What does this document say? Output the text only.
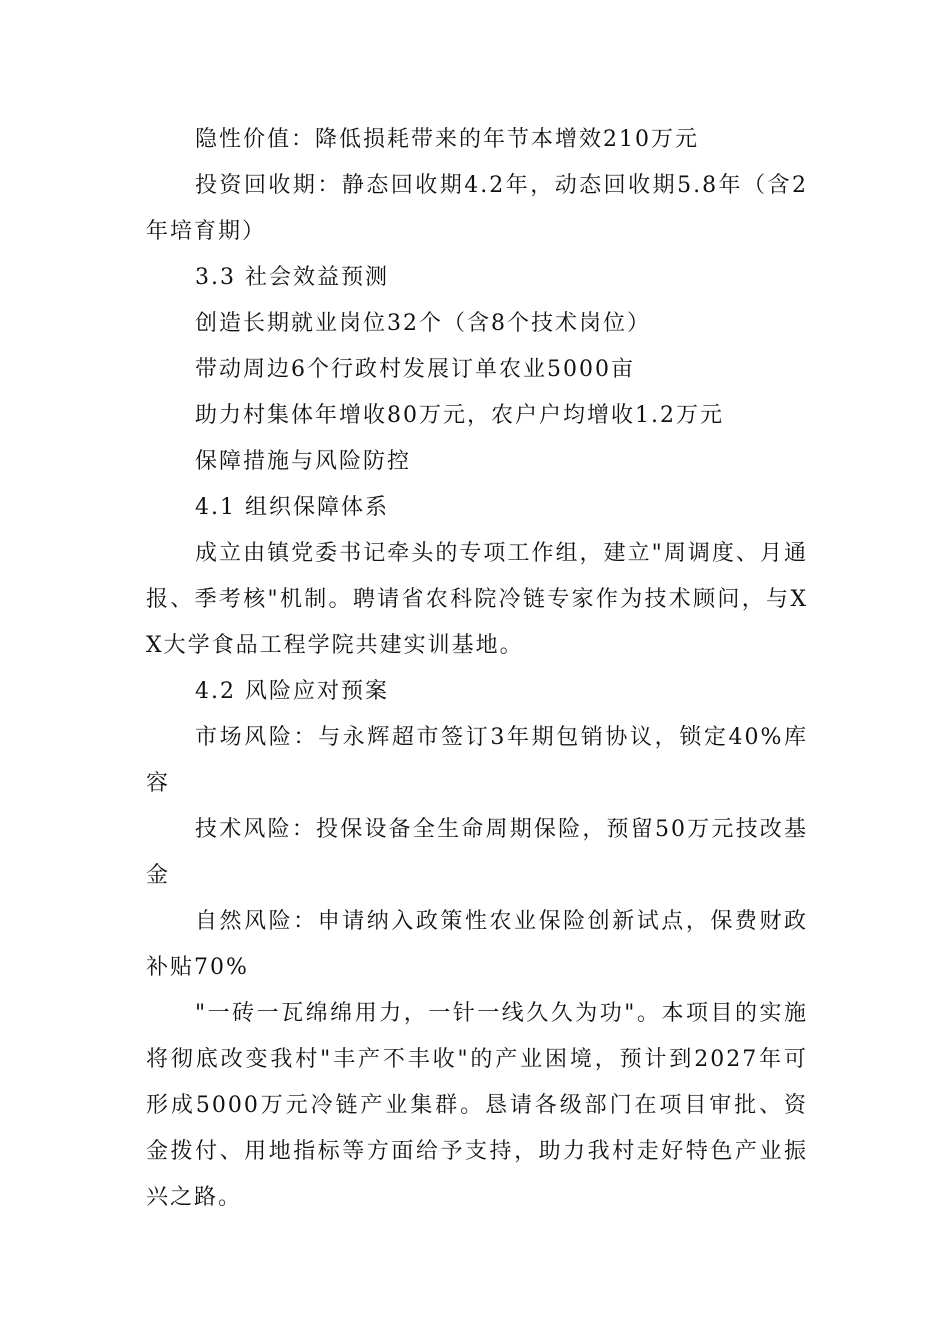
隐性价值：降低损耗带来的年节本增效210万元

投资回收期：静态回收期4.2年，动态回收期5.8年（含2年培育期）

3.3 社会效益预测

创造长期就业岗位32个（含8个技术岗位）

带动周边6个行政村发展订单农业5000亩

助力村集体年增收80万元，农户户均增收1.2万元

保障措施与风险防控

4.1 组织保障体系

成立由镇党委书记牵头的专项工作组，建立"周调度、月通报、季考核"机制。聘请省农科院冷链专家作为技术顾问，与XX大学食品工程学院共建实训基地。

4.2 风险应对预案

市场风险：与永辉超市签订3年期包销协议，锁定40%库容

技术风险：投保设备全生命周期保险，预留50万元技改基金

自然风险：申请纳入政策性农业保险创新试点，保费财政补贴70%

"一砖一瓦绵绵用力，一针一线久久为功"。本项目的实施将彻底改变我村"丰产不丰收"的产业困境，预计到2027年可形成5000万元冷链产业集群。恳请各级部门在项目审批、资金拨付、用地指标等方面给予支持，助力我村走好特色产业振兴之路。
